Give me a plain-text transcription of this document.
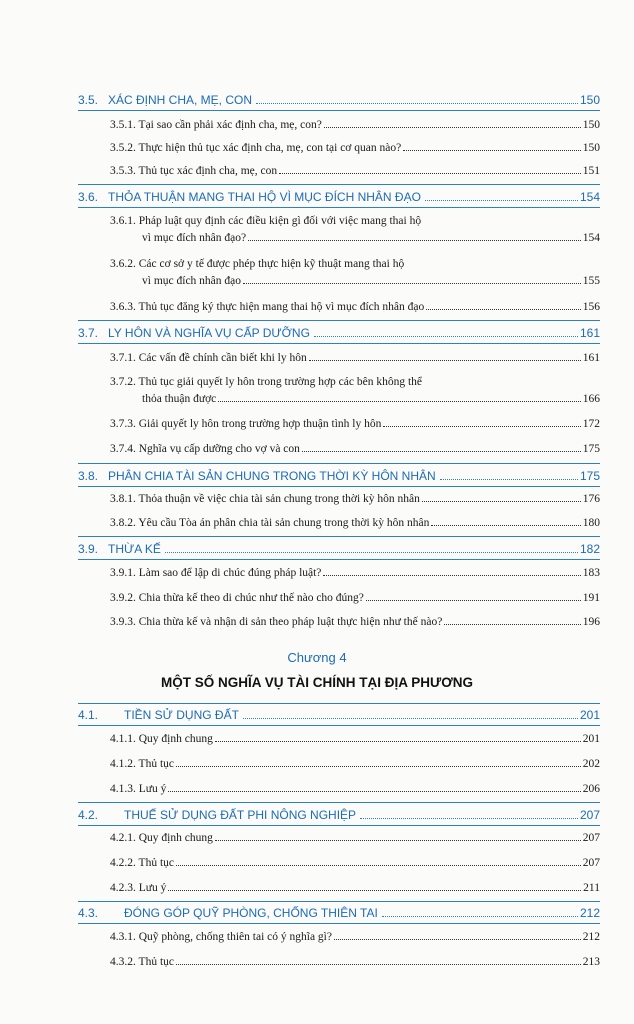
3.5. XÁC ĐỊNH CHA, MẸ, CON	150
3.5.1. Tại sao cần phải xác định cha, mẹ, con?	150
3.5.2. Thực hiện thủ tục xác định cha, mẹ, con tại cơ quan nào?	150
3.5.3. Thủ tục xác định cha, mẹ, con	151
3.6. THỎA THUẬN MANG THAI HỘ VÌ MỤC ĐÍCH NHÂN ĐẠO	154
3.6.1. Pháp luật quy định các điều kiện gì đối với việc mang thai hộ
vì mục đích nhân đạo?	154
3.6.2. Các cơ sở y tế được phép thực hiện kỹ thuật mang thai hộ
vì mục đích nhân đạo	155
3.6.3. Thủ tục đăng ký thực hiện mang thai hộ vì mục đích nhân đạo	156
3.7. LY HÔN VÀ NGHĨA VỤ CẤP DƯỠNG	161
3.7.1. Các vấn đề chính cần biết khi ly hôn	161
3.7.2. Thủ tục giải quyết ly hôn trong trường hợp các bên không thể
thỏa thuận được	166
3.7.3. Giải quyết ly hôn trong trường hợp thuận tình ly hôn	172
3.7.4. Nghĩa vụ cấp dưỡng cho vợ và con	175
3.8. PHÂN CHIA TÀI SẢN CHUNG TRONG THỜI KỲ HÔN NHÂN	175
3.8.1. Thỏa thuận về việc chia tài sản chung trong thời kỳ hôn nhân	176
3.8.2. Yêu cầu Tòa án phân chia tài sản chung trong thời kỳ hôn nhân	180
3.9. THỪA KẾ	182
3.9.1. Làm sao để lập di chúc đúng pháp luật?	183
3.9.2. Chia thừa kế theo di chúc như thế nào cho đúng?	191
3.9.3. Chia thừa kế và nhận di sản theo pháp luật thực hiện như thế nào?	196
Chương 4
MỘT SỐ NGHĨA VỤ TÀI CHÍNH TẠI ĐỊA PHƯƠNG
4.1.	TIỀN SỬ DỤNG ĐẤT	201
4.1.1. Quy định chung	201
4.1.2. Thủ tục	202
4.1.3. Lưu ý	206
4.2.	THUẾ SỬ DỤNG ĐẤT PHI NÔNG NGHIỆP	207
4.2.1. Quy định chung	207
4.2.2. Thủ tục	207
4.2.3. Lưu ý	211
4.3.	ĐÓNG GÓP QUỸ PHÒNG, CHỐNG THIÊN TAI	212
4.3.1. Quỹ phòng, chống thiên tai có ý nghĩa gì?	212
4.3.2. Thủ tục	213
